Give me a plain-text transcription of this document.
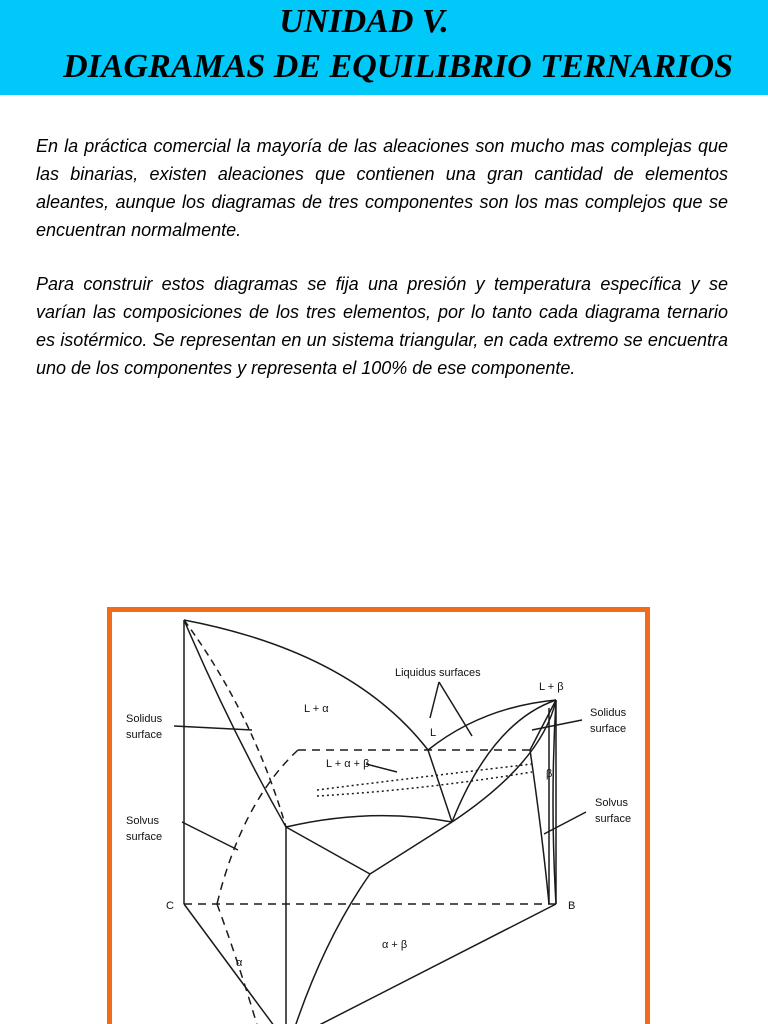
UNIDAD V.
DIAGRAMAS DE EQUILIBRIO TERNARIOS

En la práctica comercial la mayoría de las aleaciones son mucho mas complejas que las binarias, existen aleaciones que contienen una gran cantidad de elementos aleantes, aunque los diagramas de tres componentes son los mas complejos que se encuentran normalmente.

Para construir estos diagramas se fija una presión y temperatura específica y se varían las composiciones de los tres elementos, por lo tanto cada diagrama ternario es isotérmico. Se representan en un sistema triangular, en cada extremo se encuentra uno de los componentes y representa el 100% de ese componente.

Liquidus surfaces
L + α
L + β
L
L + α + β
Solidus
surface
Solidus
surface
Solvus
surface
Solvus
surface
β
C	B
α + β
α
